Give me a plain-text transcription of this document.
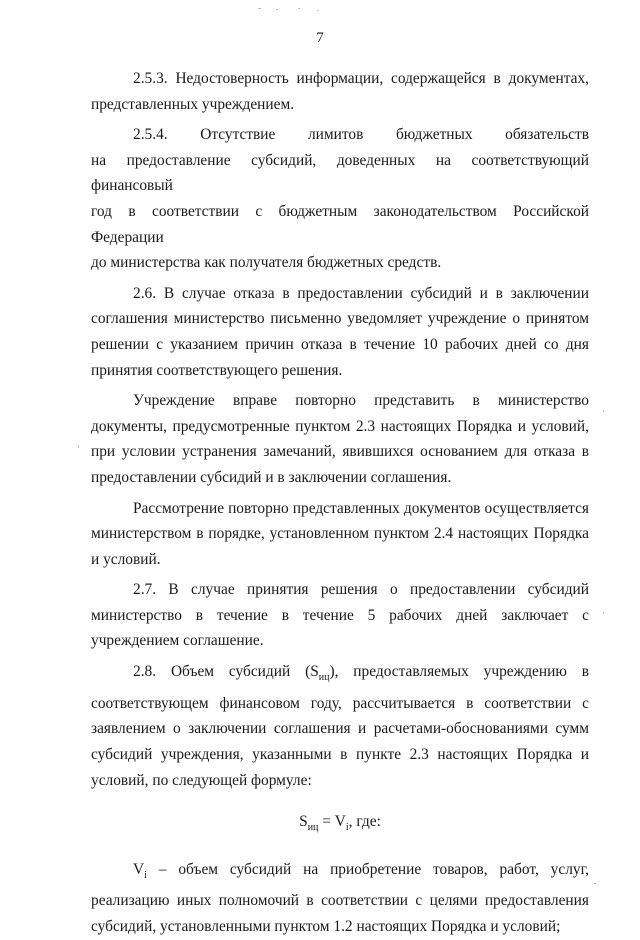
7

2.5.3. Недостоверность информации, содержащейся в документах,
представленных учреждением.

2.5.4. Отсутствие лимитов бюджетных обязательств
на предоставление субсидий, доведенных на соответствующий финансовый
год в соответствии с бюджетным законодательством Российской Федерации
до министерства как получателя бюджетных средств.

2.6. В случае отказа в предоставлении субсидий и в заключении соглашения министерство письменно уведомляет учреждение о принятом решении с указанием причин отказа в течение 10 рабочих дней со дня принятия соответствующего решения.

Учреждение вправе повторно представить в министерство документы, предусмотренные пунктом 2.3 настоящих Порядка и условий, при условии устранения замечаний, явившихся основанием для отказа в предоставлении субсидий и в заключении соглашения.

Рассмотрение повторно представленных документов осуществляется министерством в порядке, установленном пунктом 2.4 настоящих Порядка и условий.

2.7. В случае принятия решения о предоставлении субсидий министерство в течение в течение 5 рабочих дней заключает с учреждением соглашение.

2.8. Объем субсидий $(S_{иц})$, предоставляемых учреждению в соответствующем финансовом году, рассчитывается в соответствии с заявлением о заключении соглашения и расчетами-обоснованиями сумм субсидий учреждения, указанными в пункте 2.3 настоящих Порядка и условий, по следующей формуле:

$S_{иц} = V_i$, где:

$V_i$ – объем субсидий на приобретение товаров, работ, услуг, реализацию иных полномочий в соответствии с целями предоставления субсидий, установленными пунктом 1.2 настоящих Порядка и условий;
